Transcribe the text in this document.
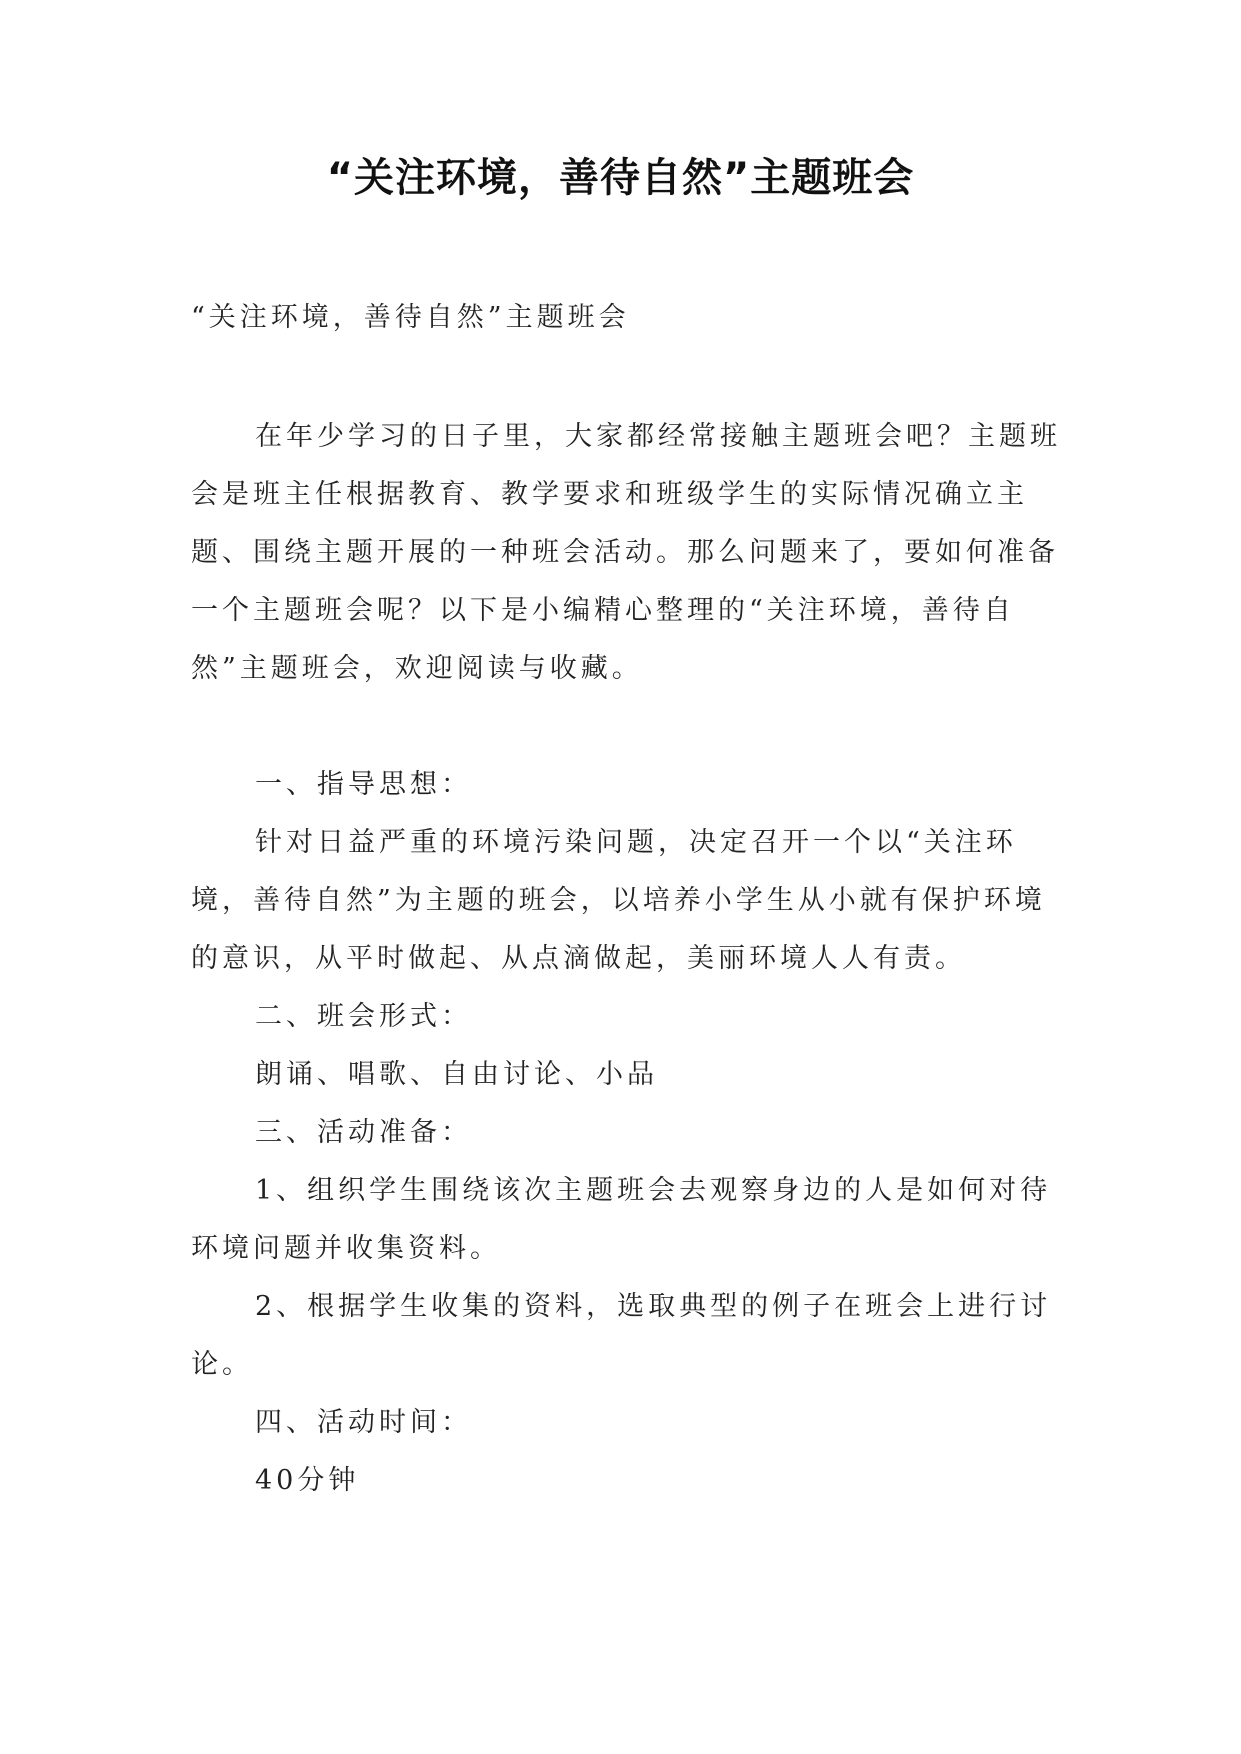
“关注环境，善待自然”主题班会
“关注环境，善待自然”主题班会

在年少学习的日子里，大家都经常接触主题班会吧？主题班会是班主任根据教育、教学要求和班级学生的实际情况确立主题、围绕主题开展的一种班会活动。那么问题来了，要如何准备一个主题班会呢？以下是小编精心整理的“关注环境，善待自然”主题班会，欢迎阅读与收藏。

一、指导思想：

针对日益严重的环境污染问题，决定召开一个以“关注环境，善待自然”为主题的班会，以培养小学生从小就有保护环境的意识，从平时做起、从点滴做起，美丽环境人人有责。

二、班会形式：

朗诵、唱歌、自由讨论、小品

三、活动准备：

1、组织学生围绕该次主题班会去观察身边的人是如何对待环境问题并收集资料。

2、根据学生收集的资料，选取典型的例子在班会上进行讨论。

四、活动时间：

40分钟
